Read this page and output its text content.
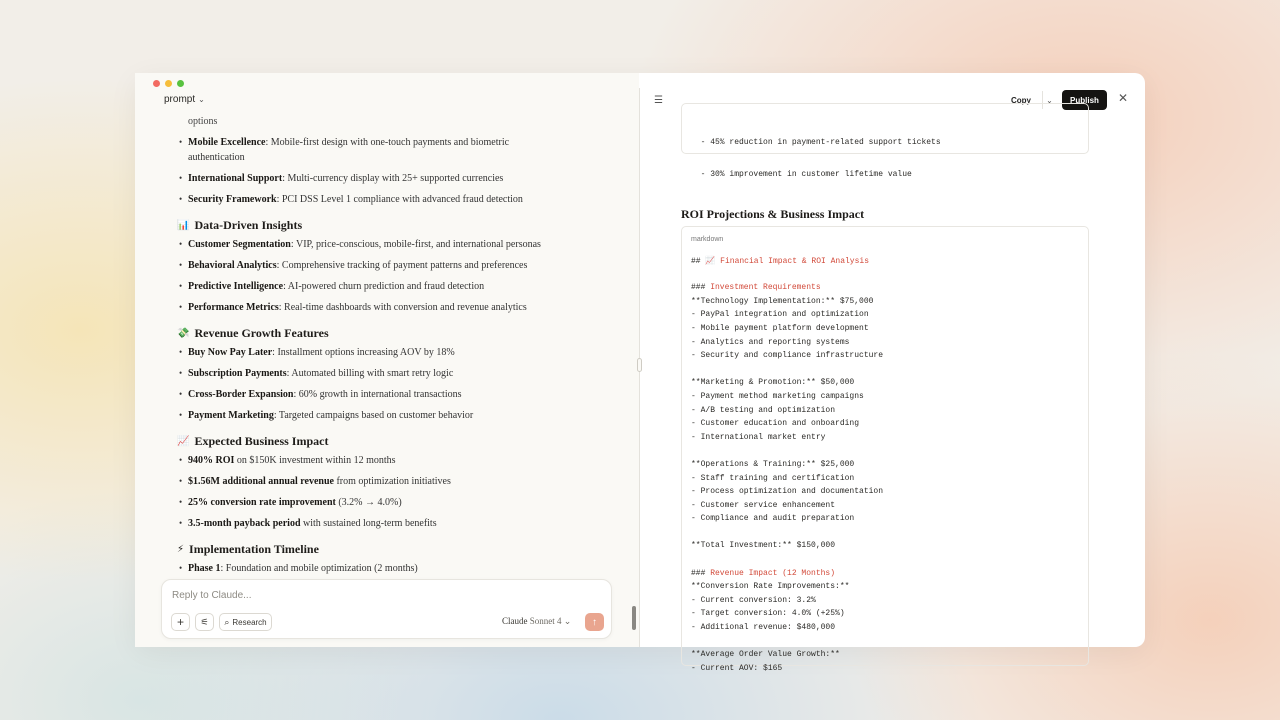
prompt ⌄
options
• Mobile Excellence: Mobile-first design with one-touch payments and biometric
authentication
• International Support: Multi-currency display with 25+ supported currencies
• Security Framework: PCI DSS Level 1 compliance with advanced fraud detection
📊 Data-Driven Insights
• Customer Segmentation: VIP, price-conscious, mobile-first, and international personas
• Behavioral Analytics: Comprehensive tracking of payment patterns and preferences
• Predictive Intelligence: AI-powered churn prediction and fraud detection
• Performance Metrics: Real-time dashboards with conversion and revenue analytics
💸 Revenue Growth Features
• Buy Now Pay Later: Installment options increasing AOV by 18%
• Subscription Payments: Automated billing with smart retry logic
• Cross-Border Expansion: 60% growth in international transactions
• Payment Marketing: Targeted campaigns based on customer behavior
📈 Expected Business Impact
• 940% ROI on $150K investment within 12 months
• $1.56M additional annual revenue from optimization initiatives
• 25% conversion rate improvement (3.2% → 4.0%)
• 3.5-month payback period with sustained long-term benefits
⚡ Implementation Timeline
• Phase 1: Foundation and mobile optimization (2 months)
Reply to Claude...
+ ⚟ ⌕ Research	Claude Sonnet 4 ⌄ ↑
☰	Copy	⌄	Publish	✕

- 45% reduction in payment-related support tickets

- 30% improvement in customer lifetime value

ROI Projections & Business Impact
markdown
## 📈 Financial Impact & ROI Analysis

### Investment Requirements
**Technology Implementation:** $75,000
- PayPal integration and optimization
- Mobile payment platform development
- Analytics and reporting systems
- Security and compliance infrastructure

**Marketing & Promotion:** $50,000
- Payment method marketing campaigns
- A/B testing and optimization
- Customer education and onboarding
- International market entry

**Operations & Training:** $25,000
- Staff training and certification
- Process optimization and documentation
- Customer service enhancement
- Compliance and audit preparation

**Total Investment:** $150,000

### Revenue Impact (12 Months)
**Conversion Rate Improvements:**
- Current conversion: 3.2%
- Target conversion: 4.0% (+25%)
- Additional revenue: $480,000

**Average Order Value Growth:**
- Current AOV: $165
